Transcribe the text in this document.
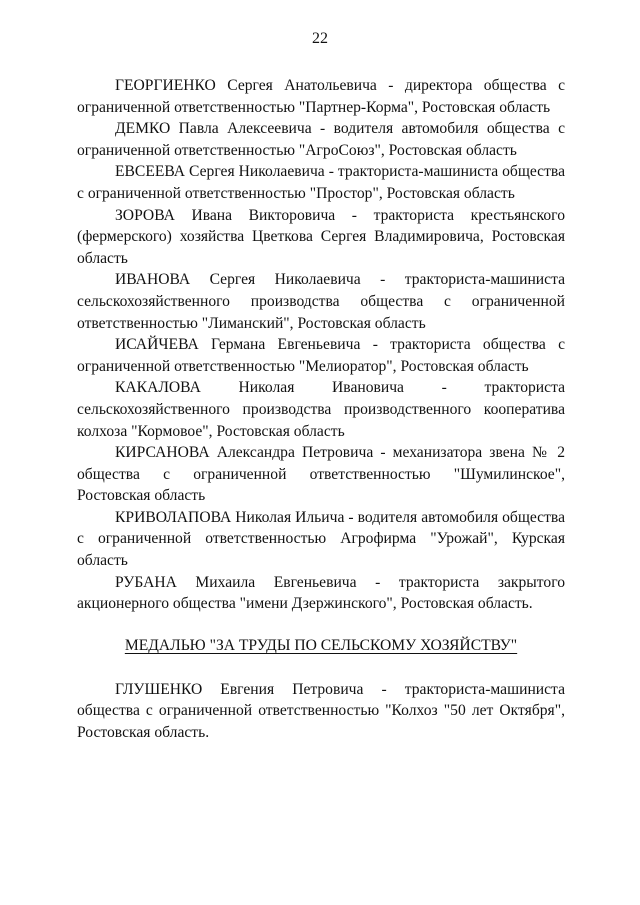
22

ГЕОРГИЕНКО Сергея Анатольевича - директора общества с ограниченной ответственностью "Партнер-Корма", Ростовская область

ДЕМКО Павла Алексеевича - водителя автомобиля общества с ограниченной ответственностью "АгроСоюз", Ростовская область

ЕВСЕЕВА Сергея Николаевича - тракториста-машиниста общества с ограниченной ответственностью "Простор", Ростовская область

ЗОРОВА Ивана Викторовича - тракториста крестьянского (фермерского) хозяйства Цветкова Сергея Владимировича, Ростовская область

ИВАНОВА Сергея Николаевича - тракториста-машиниста сельскохозяйственного производства общества с ограниченной ответственностью "Лиманский", Ростовская область

ИСАЙЧЕВА Германа Евгеньевича - тракториста общества с ограниченной ответственностью "Мелиоратор", Ростовская область

КАКАЛОВА Николая Ивановича - тракториста сельскохозяйственного производства производственного кооператива колхоза "Кормовое", Ростовская область

КИРСАНОВА Александра Петровича - механизатора звена № 2 общества с ограниченной ответственностью "Шумилинское", Ростовская область

КРИВОЛАПОВА Николая Ильича - водителя автомобиля общества с ограниченной ответственностью Агрофирма "Урожай", Курская область

РУБАНА Михаила Евгеньевича - тракториста закрытого акционерного общества "имени Дзержинского", Ростовская область.

МЕДАЛЬЮ "ЗА ТРУДЫ ПО СЕЛЬСКОМУ ХОЗЯЙСТВУ"

ГЛУШЕНКО Евгения Петровича - тракториста-машиниста общества с ограниченной ответственностью "Колхоз "50 лет Октября", Ростовская область.
